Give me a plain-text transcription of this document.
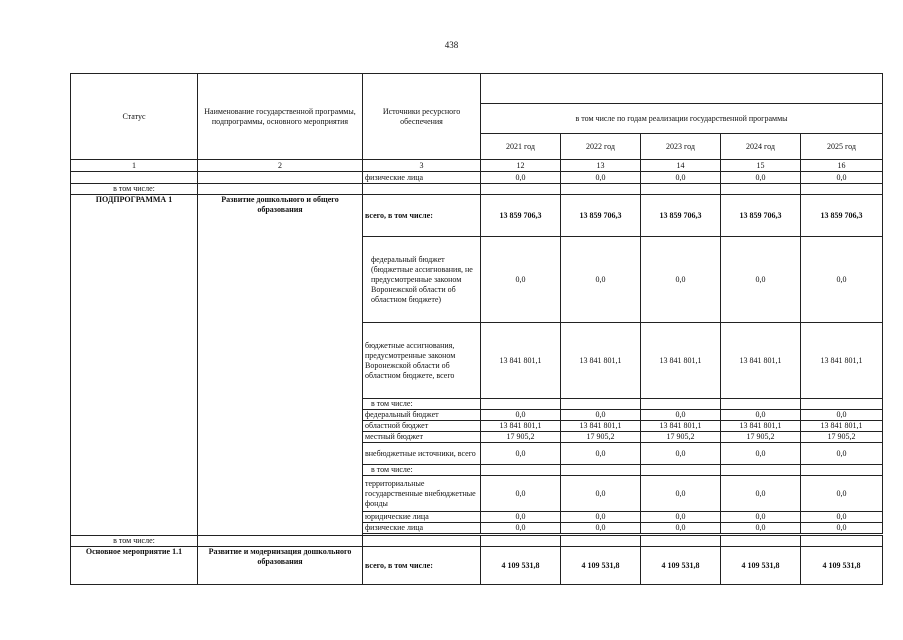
438
Статус	Наименование государственной программы, подпрограммы, основного мероприятия	Источники ресурсного обеспечения					
			в том числе по годам реализации государственной программы				
			2021 год	2022 год	2023 год	2024 год	2025 год
1	2	3	12	13	14	15	16
		физические лица	0,0	0,0	0,0	0,0	0,0
в том числе:							
ПОДПРОГРАММА 1	Развитие дошкольного и общего образования	всего, в том числе:	13 859 706,3	13 859 706,3	13 859 706,3	13 859 706,3	13 859 706,3
		федеральный бюджет (бюджетные ассигнования, не предусмотренные законом Воронежской области об областном бюджете)	0,0	0,0	0,0	0,0	0,0
		бюджетные ассигнования, предусмотренные законом Воронежской области об областном бюджете, всего	13 841 801,1	13 841 801,1	13 841 801,1	13 841 801,1	13 841 801,1
		в том числе:					
		федеральный бюджет	0,0	0,0	0,0	0,0	0,0
		областной бюджет	13 841 801,1	13 841 801,1	13 841 801,1	13 841 801,1	13 841 801,1
		местный бюджет	17 905,2	17 905,2	17 905,2	17 905,2	17 905,2
		внебюджетные источники, всего	0,0	0,0	0,0	0,0	0,0
		в том числе:					
		территориальные государственные внебюджетные фонды	0,0	0,0	0,0	0,0	0,0
		юридические лица	0,0	0,0	0,0	0,0	0,0
		физические лица	0,0	0,0	0,0	0,0	0,0

в том числе:							
Основное мероприятие 1.1	Развитие и модернизация дошкольного образования	всего, в том числе:	4 109 531,8	4 109 531,8	4 109 531,8	4 109 531,8	4 109 531,8
